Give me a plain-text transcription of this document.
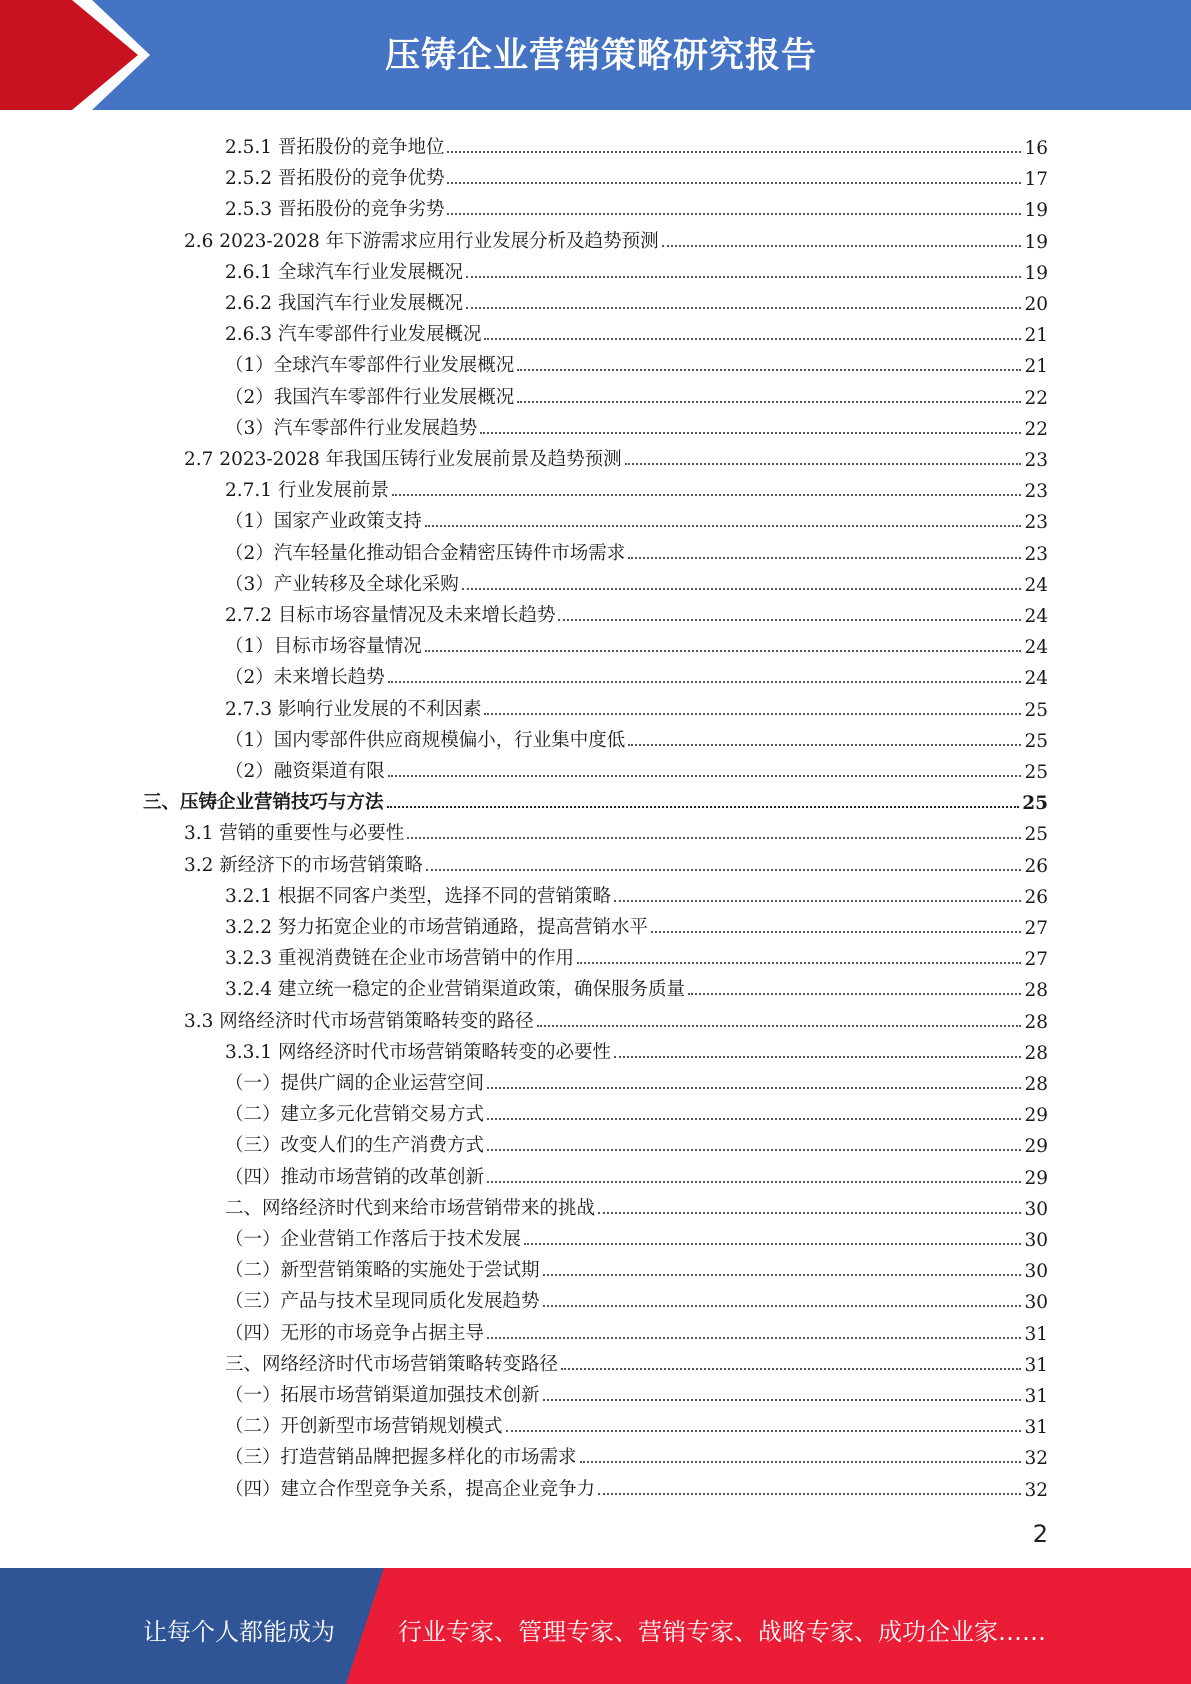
压铸企业营销策略研究报告
2.5.1 晋拓股份的竞争地位	16
2.5.2 晋拓股份的竞争优势	17
2.5.3 晋拓股份的竞争劣势	19
2.6 2023-2028 年下游需求应用行业发展分析及趋势预测	19
2.6.1 全球汽车行业发展概况	19
2.6.2 我国汽车行业发展概况	20
2.6.3 汽车零部件行业发展概况	21
（1）全球汽车零部件行业发展概况	21
（2）我国汽车零部件行业发展概况	22
（3）汽车零部件行业发展趋势	22
2.7 2023-2028 年我国压铸行业发展前景及趋势预测	23
2.7.1 行业发展前景	23
（1）国家产业政策支持	23
（2）汽车轻量化推动铝合金精密压铸件市场需求	23
（3）产业转移及全球化采购	24
2.7.2 目标市场容量情况及未来增长趋势	24
（1）目标市场容量情况	24
（2）未来增长趋势	24
2.7.3 影响行业发展的不利因素	25
（1）国内零部件供应商规模偏小，行业集中度低	25
（2）融资渠道有限	25
三、压铸企业营销技巧与方法	25
3.1 营销的重要性与必要性	25
3.2 新经济下的市场营销策略	26
3.2.1 根据不同客户类型，选择不同的营销策略	26
3.2.2 努力拓宽企业的市场营销通路，提高营销水平	27
3.2.3 重视消费链在企业市场营销中的作用	27
3.2.4 建立统一稳定的企业营销渠道政策，确保服务质量	28
3.3 网络经济时代市场营销策略转变的路径	28
3.3.1 网络经济时代市场营销策略转变的必要性	28
（一）提供广阔的企业运营空间	28
（二）建立多元化营销交易方式	29
（三）改变人们的生产消费方式	29
（四）推动市场营销的改革创新	29
二、网络经济时代到来给市场营销带来的挑战	30
（一）企业营销工作落后于技术发展	30
（二）新型营销策略的实施处于尝试期	30
（三）产品与技术呈现同质化发展趋势	30
（四）无形的市场竞争占据主导	31
三、网络经济时代市场营销策略转变路径	31
（一）拓展市场营销渠道加强技术创新	31
（二）开创新型市场营销规划模式	31
（三）打造营销品牌把握多样化的市场需求	32
（四）建立合作型竞争关系，提高企业竞争力	32
2
让每个人都能成为	行业专家、管理专家、营销专家、战略专家、成功企业家……
